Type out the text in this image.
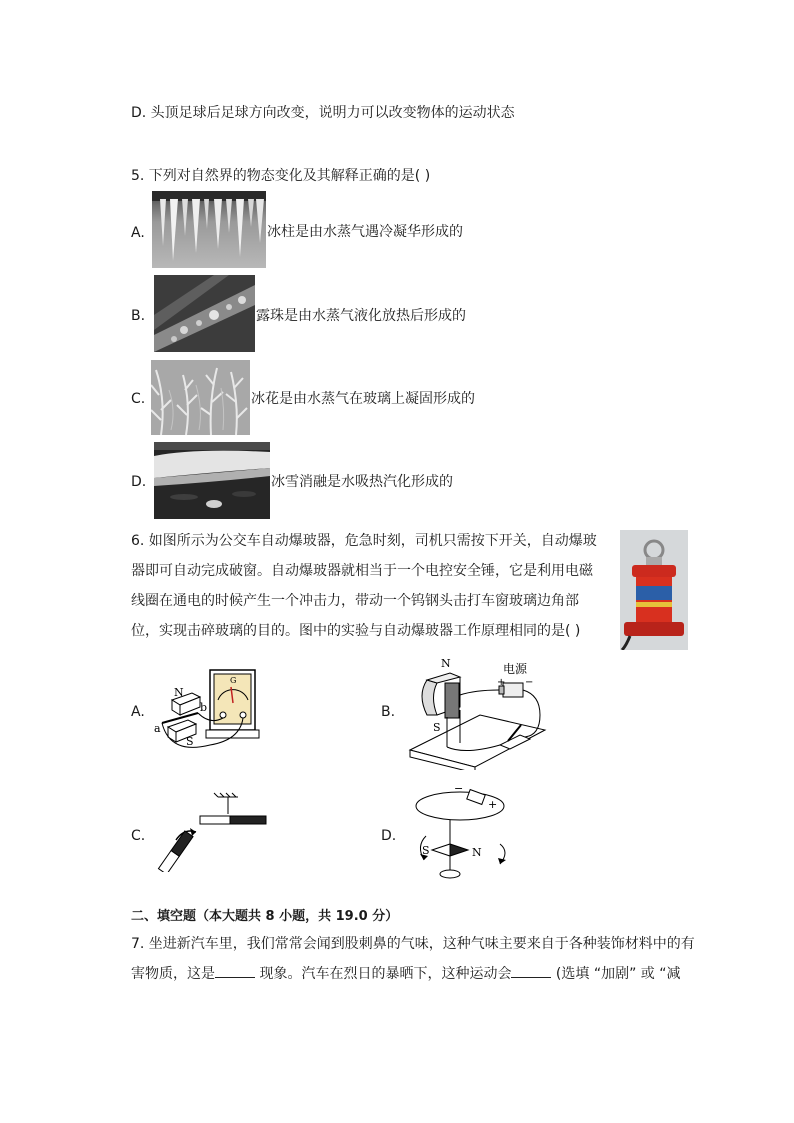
D. 头顶足球后足球方向改变，说明力可以改变物体的运动状态
5. 下列对自然界的物态变化及其解释正确的是( )
A.	冰柱是由水蒸气遇冷凝华形成的
B.	露珠是由水蒸气液化放热后形成的
C.	冰花是由水蒸气在玻璃上凝固形成的
D.	冰雪消融是水吸热汽化形成的
6. 如图所示为公交车自动爆玻器，危急时刻，司机只需按下开关，自动爆玻器即可自动完成破窗。自动爆玻器就相当于一个电控安全锤，它是利用电磁线圈在通电的时候产生一个冲击力，带动一个钨钢头击打车窗玻璃边角部位，实现击碎玻璃的目的。图中的实验与自动爆玻器工作原理相同的是( )
A.
N
S
a
b
G
B.
N
S
电源
+ −
C.	D.
S	N
+
−
二、填空题（本大题共 8 小题，共 19.0 分）
7. 坐进新汽车里，我们常常会闻到股刺鼻的气味，这种气味主要来自于各种装饰材料中的有害物质，这是	现象。汽车在烈日的暴晒下，这种运动会	(选填 “加剧” 或 “减
